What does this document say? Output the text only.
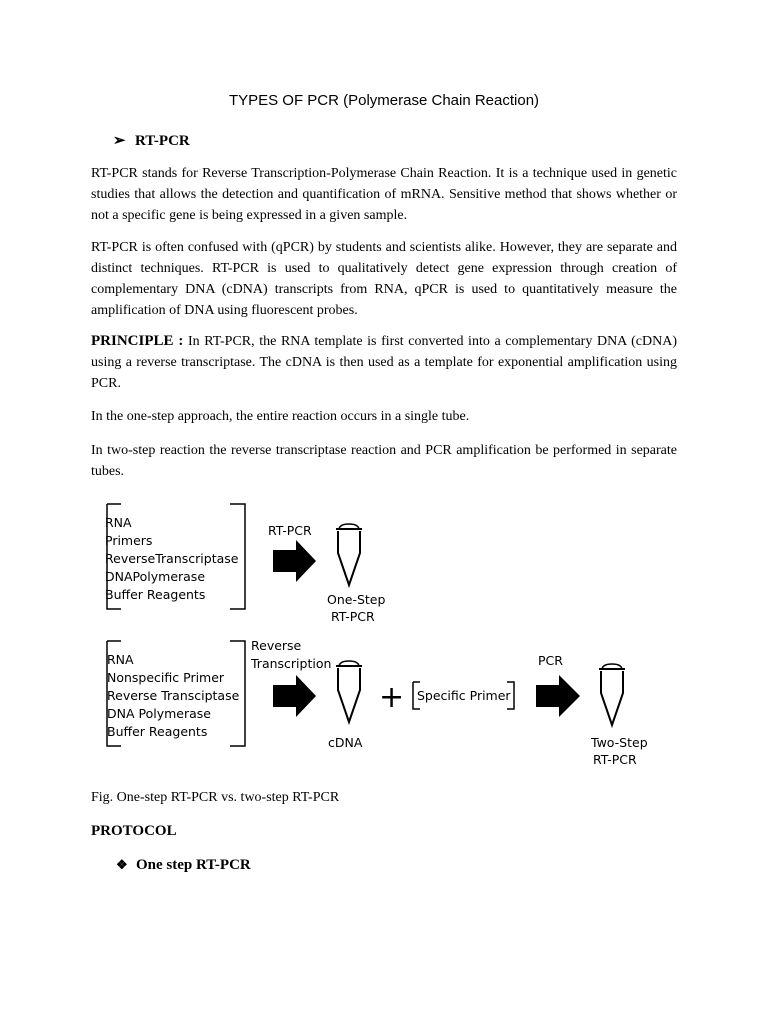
TYPES OF PCR (Polymerase Chain Reaction)
➢ RT-PCR

RT-PCR stands for Reverse Transcription-Polymerase Chain Reaction. It is a technique used in genetic studies that allows the detection and quantification of mRNA. Sensitive method that shows whether or not a specific gene is being expressed in a given sample.

RT-PCR is often confused with (qPCR) by students and scientists alike. However, they are separate and distinct techniques. RT-PCR is used to qualitatively detect gene expression through creation of complementary DNA (cDNA) transcripts from RNA, qPCR is used to quantitatively measure the amplification of DNA using fluorescent probes.

PRINCIPLE : In RT-PCR, the RNA template is first converted into a complementary DNA (cDNA) using a reverse transcriptase. The cDNA is then used as a template for exponential amplification using PCR.

In the one-step approach, the entire reaction occurs in a single tube.

In two-step reaction the reverse transcriptase reaction and PCR amplification be performed in separate tubes.

RNA
Primers
ReverseTranscriptase
DNAPolymerase
Buffer Reagents
RT-PCR
One-Step
RT-PCR
RNA
Nonspecific Primer
Reverse Transciptase
DNA Polymerase
Buffer Reagents
Reverse
Transcription
cDNA
+ Specific Primer
PCR
Two-Step
RT-PCR
Fig. One-step RT-PCR vs. two-step RT-PCR
PROTOCOL
❖ One step RT-PCR
